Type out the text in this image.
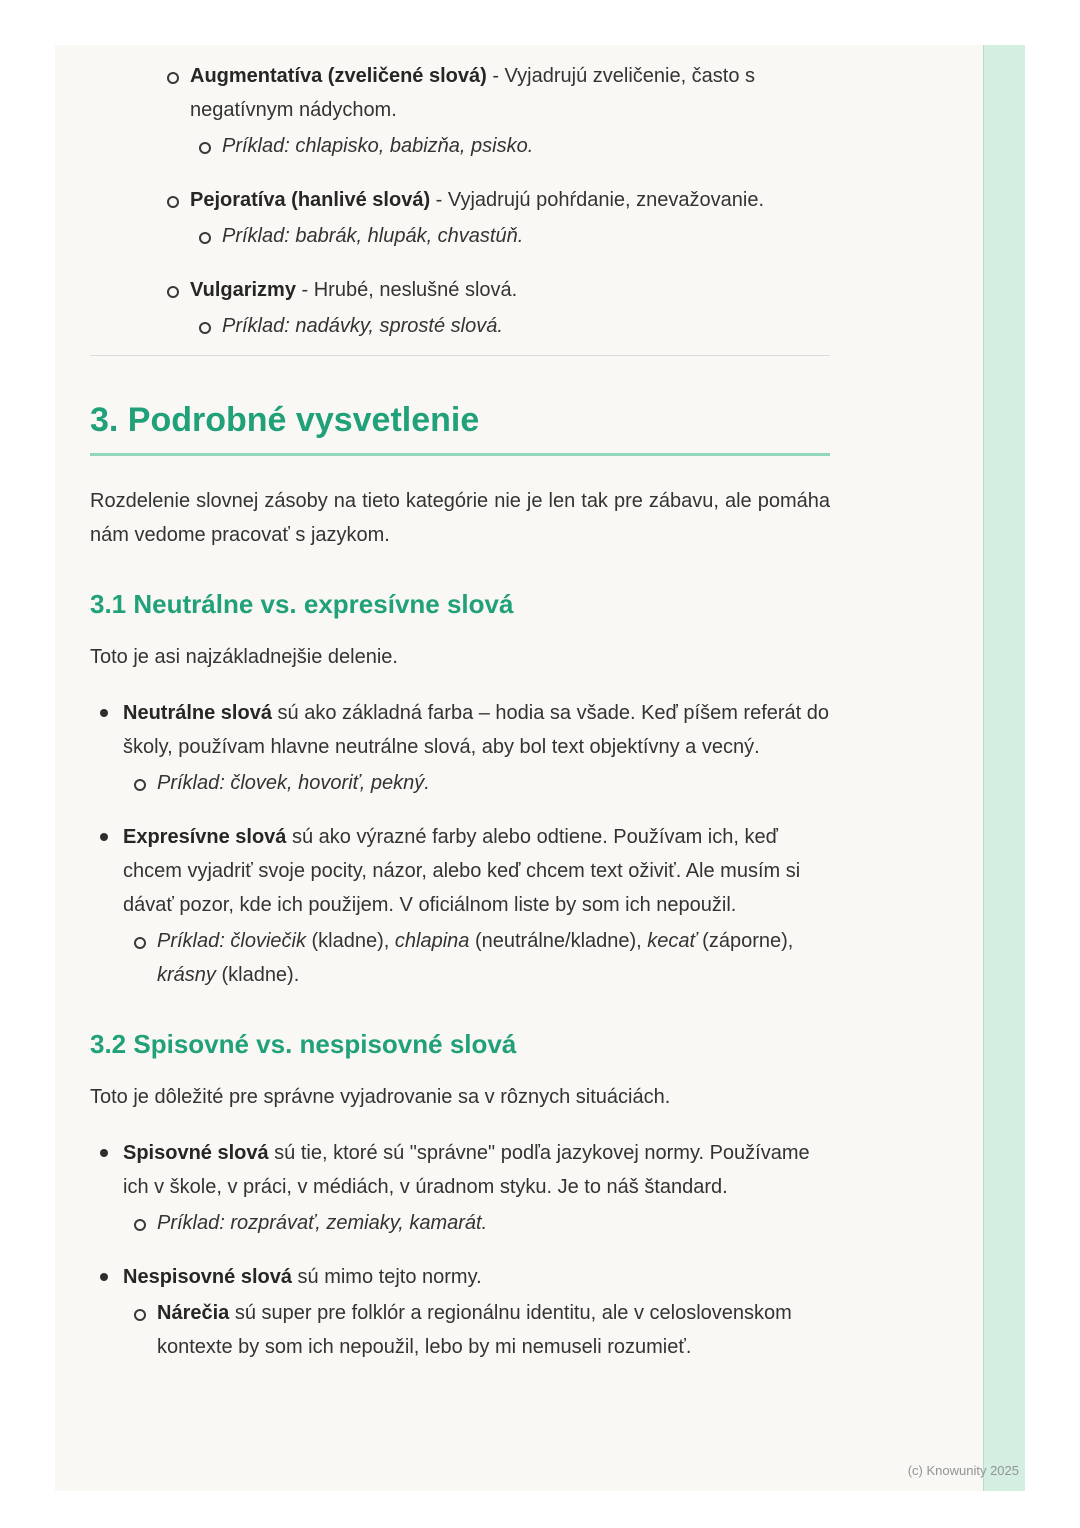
Augmentatíva (zveličené slová) - Vyjadrujú zveličenie, často s negatívnym nádychom.
Príklad: chlapisko, babizňa, psisko.
Pejoratíva (hanlivé slová) - Vyjadrujú pohŕdanie, znevažovanie.
Príklad: babrák, hlupák, chvastúň.
Vulgarizmy - Hrubé, neslušné slová.
Príklad: nadávky, sprosté slová.
3. Podrobné vysvetlenie

Rozdelenie slovnej zásoby na tieto kategórie nie je len tak pre zábavu, ale pomáha nám vedome pracovať s jazykom.

3.1 Neutrálne vs. expresívne slová

Toto je asi najzákladnejšie delenie.

Neutrálne slová sú ako základná farba – hodia sa všade. Keď píšem referát do školy, používam hlavne neutrálne slová, aby bol text objektívny a vecný.
Príklad: človek, hovoriť, pekný.
Expresívne slová sú ako výrazné farby alebo odtiene. Používam ich, keď chcem vyjadriť svoje pocity, názor, alebo keď chcem text oživiť. Ale musím si dávať pozor, kde ich použijem. V oficiálnom liste by som ich nepoužil.
Príklad: človiečik (kladne), chlapina (neutrálne/kladne), kecať (záporne), krásny (kladne).
3.2 Spisovné vs. nespisovné slová

Toto je dôležité pre správne vyjadrovanie sa v rôznych situáciách.

Spisovné slová sú tie, ktoré sú "správne" podľa jazykovej normy. Používame ich v škole, v práci, v médiách, v úradnom styku. Je to náš štandard.
Príklad: rozprávať, zemiaky, kamarát.
Nespisovné slová sú mimo tejto normy.
Nárečia sú super pre folklór a regionálnu identitu, ale v celoslovenskom kontexte by som ich nepoužil, lebo by mi nemuseli rozumieť.
(c) Knowunity 2025
